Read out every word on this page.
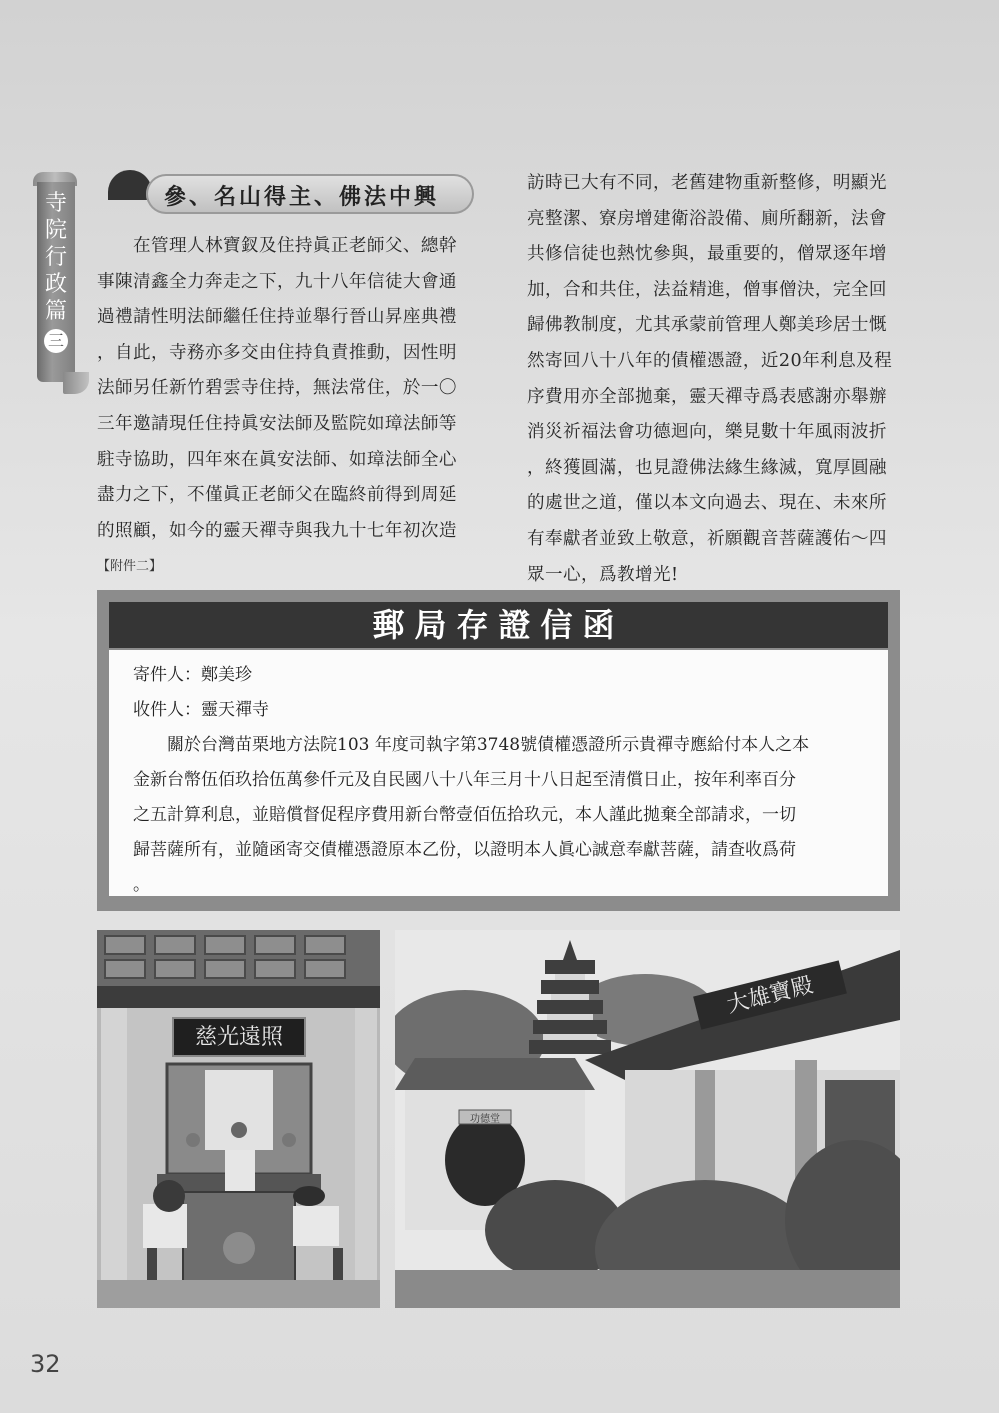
寺
院
行
政
篇
三
參、名山得主、佛法中興

　　在管理人林寶釵及住持眞正老師父、總幹

事陳清鑫全力奔走之下，九十八年信徒大會通

過禮請性明法師繼任住持並舉行晉山昇座典禮

，自此，寺務亦多交由住持負責推動，因性明

法師另任新竹碧雲寺住持，無法常住，於一〇

三年邀請現任住持眞安法師及監院如璋法師等

駐寺協助，四年來在眞安法師、如璋法師全心

盡力之下，不僅眞正老師父在臨終前得到周延

的照顧，如今的靈天禪寺與我九十七年初次造

訪時已大有不同，老舊建物重新整修，明顯光

亮整潔、寮房增建衛浴設備、廁所翻新，法會

共修信徒也熱忱參與，最重要的，僧眾逐年增

加，合和共住，法益精進，僧事僧決，完全回

歸佛教制度，尤其承蒙前管理人鄭美珍居士慨

然寄回八十八年的債權憑證，近20年利息及程

序費用亦全部拋棄，靈天禪寺爲表感謝亦舉辦

消災祈福法會功德迴向，樂見數十年風雨波折

，終獲圓滿，也見證佛法緣生緣滅，寬厚圓融

的處世之道，僅以本文向過去、現在、未來所

有奉獻者並致上敬意，祈願觀音菩薩護佑～四

眾一心，爲教增光!

【附件二】
郵局存證信函

寄件人：鄭美珍

收件人：靈天禪寺

關於台灣苗栗地方法院103 年度司執字第3748號債權憑證所示貴禪寺應給付本人之本

金新台幣伍佰玖拾伍萬參仟元及自民國八十八年三月十八日起至清償日止，按年利率百分

之五計算利息，並賠償督促程序費用新台幣壹佰伍拾玖元，本人謹此拋棄全部請求，一切

歸菩薩所有，並隨函寄交債權憑證原本乙份，以證明本人眞心誠意奉獻菩薩，請查收爲荷

。

慈光遠照
功德堂
大雄寶殿
32
